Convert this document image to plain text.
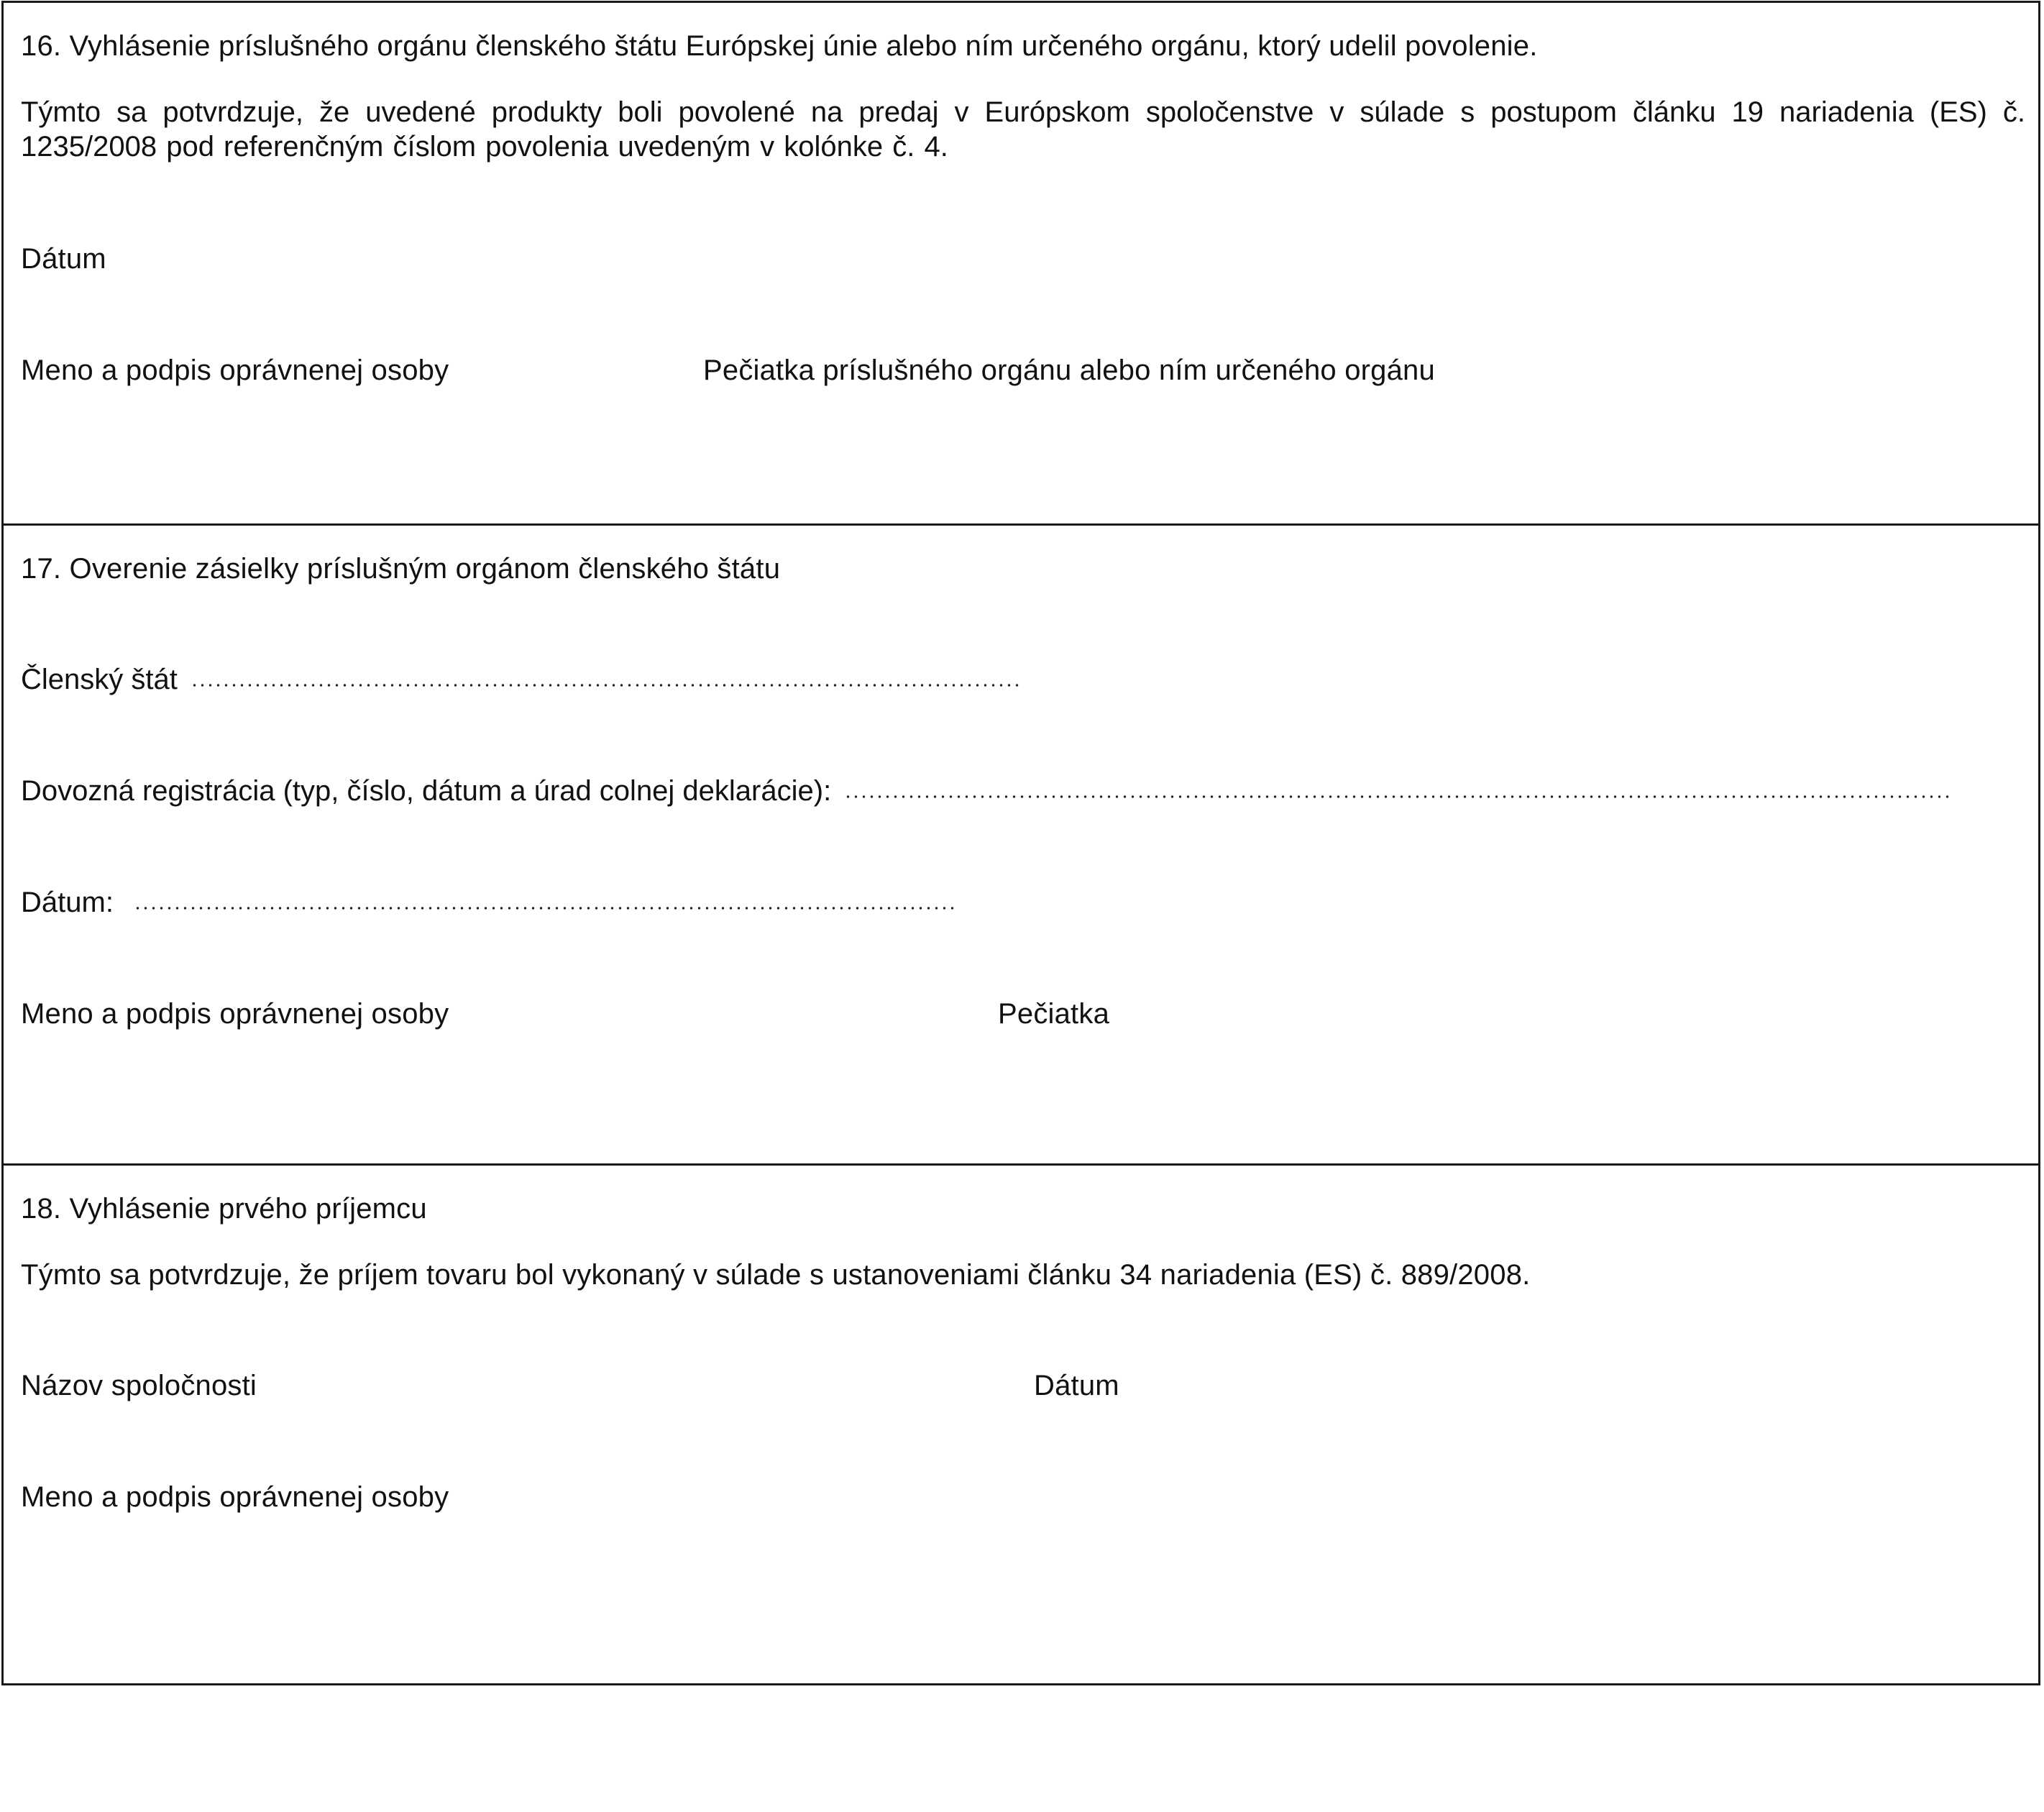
16. Vyhlásenie príslušného orgánu členského štátu Európskej únie alebo ním určeného orgánu, ktorý udelil povolenie.
Týmto sa potvrdzuje, že uvedené produkty boli povolené na predaj v Európskom spoločenstve v súlade s postupom článku 19 nariadenia (ES) č. 1235/2008 pod referenčným číslom povolenia uvedeným v kolónke č. 4.
Dátum
Meno a podpis oprávnenej osoby	Pečiatka príslušného orgánu alebo ním určeného orgánu
17. Overenie zásielky príslušným orgánom členského štátu
Členský štát
Dovozná registrácia (typ, číslo, dátum a úrad colnej deklarácie):
Dátum:
Meno a podpis oprávnenej osoby	Pečiatka
18. Vyhlásenie prvého príjemcu
Týmto sa potvrdzuje, že príjem tovaru bol vykonaný v súlade s ustanoveniami článku 34 nariadenia (ES) č. 889/2008.
Názov spoločnosti	Dátum
Meno a podpis oprávnenej osoby
